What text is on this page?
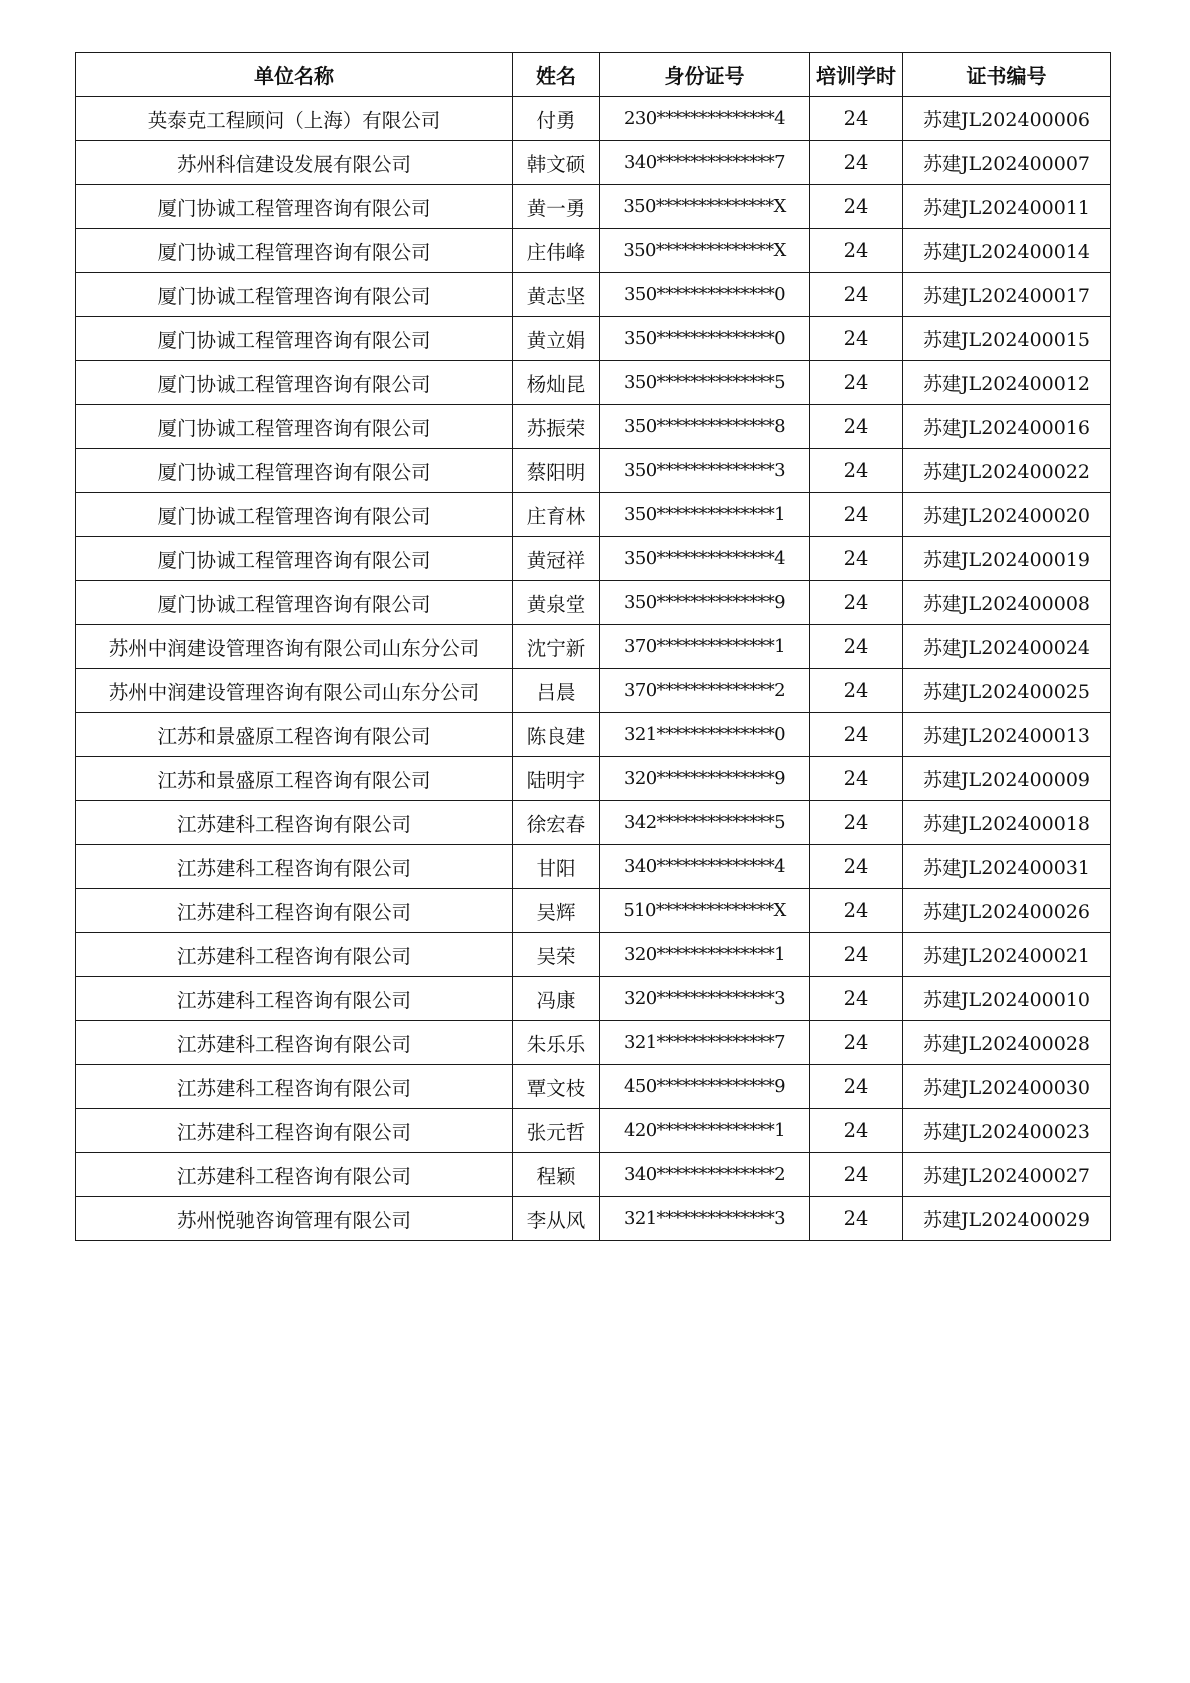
单位名称	姓名	身份证号	培训学时	证书编号
英泰克工程顾问（上海）有限公司	付勇	230**************4	24	苏建JL202400006
苏州科信建设发展有限公司	韩文硕	340**************7	24	苏建JL202400007
厦门协诚工程管理咨询有限公司	黄一勇	350**************X	24	苏建JL202400011
厦门协诚工程管理咨询有限公司	庄伟峰	350**************X	24	苏建JL202400014
厦门协诚工程管理咨询有限公司	黄志坚	350**************0	24	苏建JL202400017
厦门协诚工程管理咨询有限公司	黄立娟	350**************0	24	苏建JL202400015
厦门协诚工程管理咨询有限公司	杨灿昆	350**************5	24	苏建JL202400012
厦门协诚工程管理咨询有限公司	苏振荣	350**************8	24	苏建JL202400016
厦门协诚工程管理咨询有限公司	蔡阳明	350**************3	24	苏建JL202400022
厦门协诚工程管理咨询有限公司	庄育林	350**************1	24	苏建JL202400020
厦门协诚工程管理咨询有限公司	黄冠祥	350**************4	24	苏建JL202400019
厦门协诚工程管理咨询有限公司	黄泉堂	350**************9	24	苏建JL202400008
苏州中润建设管理咨询有限公司山东分公司	沈宁新	370**************1	24	苏建JL202400024
苏州中润建设管理咨询有限公司山东分公司	吕晨	370**************2	24	苏建JL202400025
江苏和景盛原工程咨询有限公司	陈良建	321**************0	24	苏建JL202400013
江苏和景盛原工程咨询有限公司	陆明宇	320**************9	24	苏建JL202400009
江苏建科工程咨询有限公司	徐宏春	342**************5	24	苏建JL202400018
江苏建科工程咨询有限公司	甘阳	340**************4	24	苏建JL202400031
江苏建科工程咨询有限公司	吴辉	510**************X	24	苏建JL202400026
江苏建科工程咨询有限公司	吴荣	320**************1	24	苏建JL202400021
江苏建科工程咨询有限公司	冯康	320**************3	24	苏建JL202400010
江苏建科工程咨询有限公司	朱乐乐	321**************7	24	苏建JL202400028
江苏建科工程咨询有限公司	覃文枝	450**************9	24	苏建JL202400030
江苏建科工程咨询有限公司	张元哲	420**************1	24	苏建JL202400023
江苏建科工程咨询有限公司	程颖	340**************2	24	苏建JL202400027
苏州悦驰咨询管理有限公司	李从风	321**************3	24	苏建JL202400029
